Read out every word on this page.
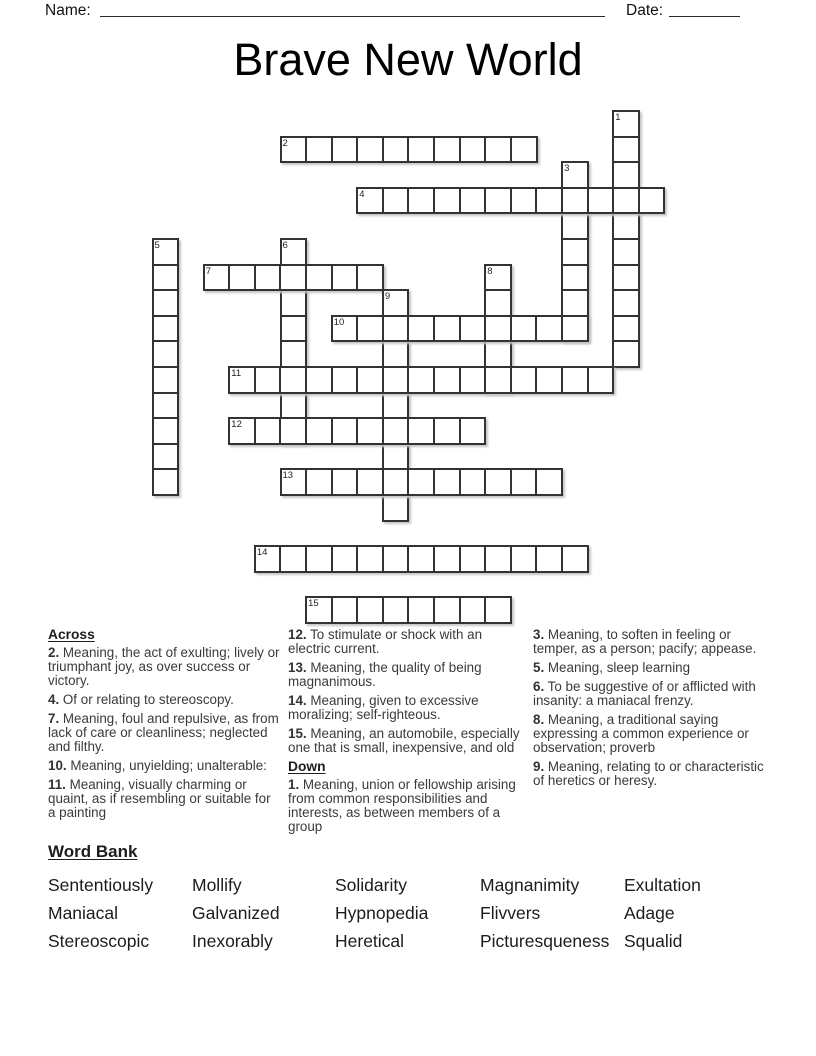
Name:	Date:
Brave New World
1
2
3
4
5	6
7	8
9
10
11
12
13
14
15
Across

2. Meaning, the act of exulting; lively or triumphant joy, as over success or victory.

4. Of or relating to stereoscopy.

7. Meaning, foul and repulsive, as from lack of care or cleanliness; neglected and filthy.

10. Meaning, unyielding; unalterable:

11. Meaning, visually charming or quaint, as if resembling or suitable for a painting

12. To stimulate or shock with an electric current.

13. Meaning, the quality of being magnanimous.

14. Meaning, given to excessive moralizing; self-righteous.

15. Meaning, an automobile, especially one that is small, inexpensive, and old

Down

1. Meaning, union or fellowship arising from common responsibilities and interests, as between members of a group

3. Meaning, to soften in feeling or temper, as a person; pacify; appease.

5. Meaning, sleep learning

6. To be suggestive of or afflicted with insanity: a maniacal frenzy.

8. Meaning, a traditional saying expressing a common experience or observation; proverb

9. Meaning, relating to or characteristic of heretics or heresy.

Word Bank
Sententiously	Mollify	Solidarity	Magnanimity	Exultation
Maniacal	Galvanized	Hypnopedia	Flivvers	Adage
Stereoscopic	Inexorably	Heretical	Picturesqueness Squalid
